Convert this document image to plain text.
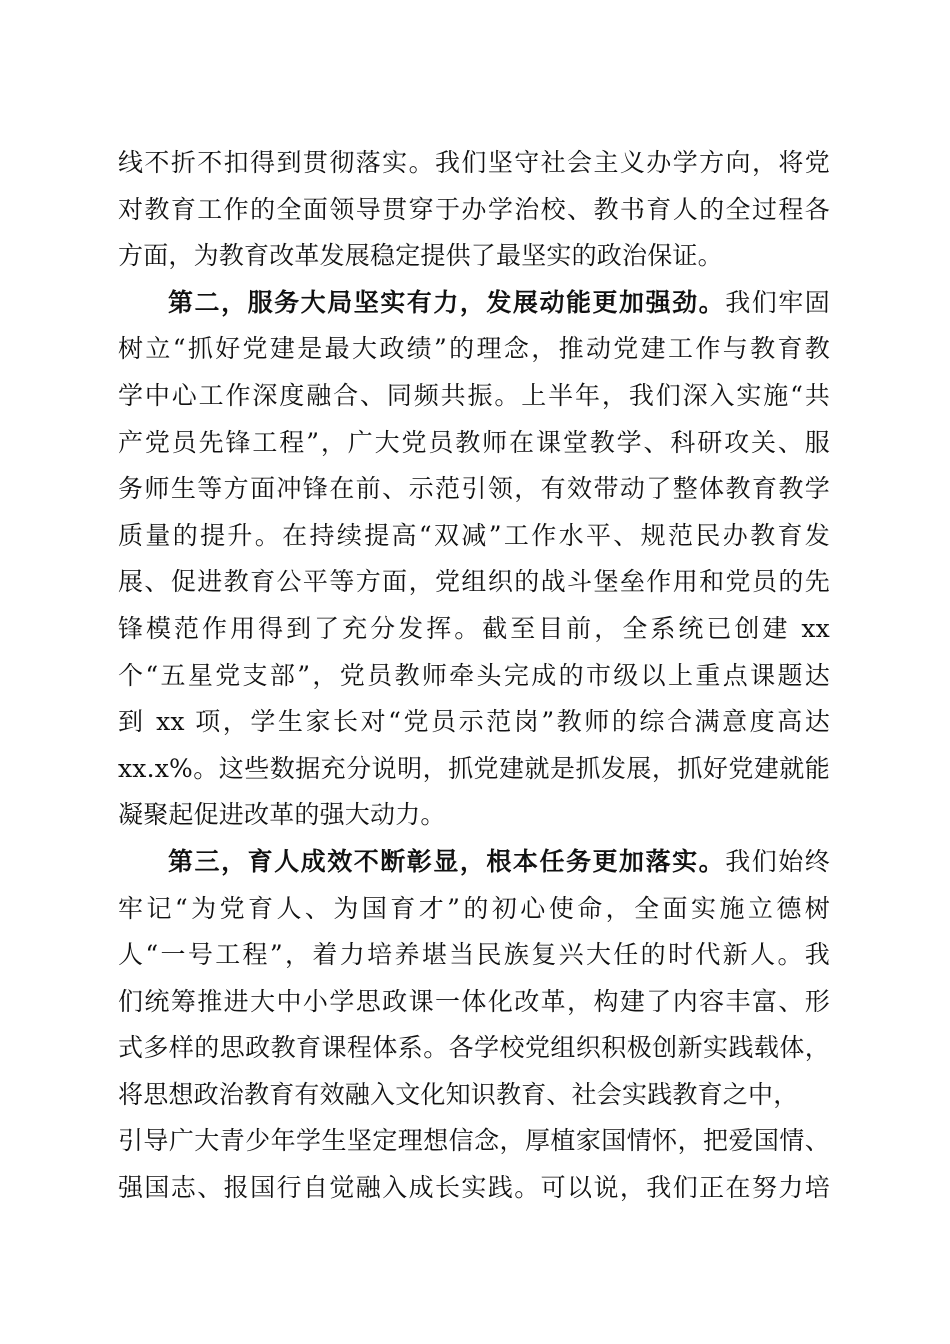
线不折不扣得到贯彻落实。我们坚守社会主义办学方向，将党
对教育工作的全面领导贯穿于办学治校、教书育人的全过程各
方面，为教育改革发展稳定提供了最坚实的政治保证。
第二，服务大局坚实有力，发展动能更加强劲。我们牢固
树立“抓好党建是最大政绩”的理念，推动党建工作与教育教
学中心工作深度融合、同频共振。上半年，我们深入实施“共
产党员先锋工程”，广大党员教师在课堂教学、科研攻关、服
务师生等方面冲锋在前、示范引领，有效带动了整体教育教学
质量的提升。在持续提高“双减”工作水平、规范民办教育发
展、促进教育公平等方面，党组织的战斗堡垒作用和党员的先
锋模范作用得到了充分发挥。截至目前，全系统已创建 xx
个“五星党支部”，党员教师牵头完成的市级以上重点课题达
到 xx 项，学生家长对“党员示范岗”教师的综合满意度高达
xx.x%。这些数据充分说明，抓党建就是抓发展，抓好党建就能
凝聚起促进改革的强大动力。
第三，育人成效不断彰显，根本任务更加落实。我们始终
牢记“为党育人、为国育才”的初心使命，全面实施立德树
人“一号工程”，着力培养堪当民族复兴大任的时代新人。我
们统筹推进大中小学思政课一体化改革，构建了内容丰富、形
式多样的思政教育课程体系。各学校党组织积极创新实践载体，
将思想政治教育有效融入文化知识教育、社会实践教育之中，
引导广大青少年学生坚定理想信念，厚植家国情怀，把爱国情、
强国志、报国行自觉融入成长实践。可以说，我们正在努力培
